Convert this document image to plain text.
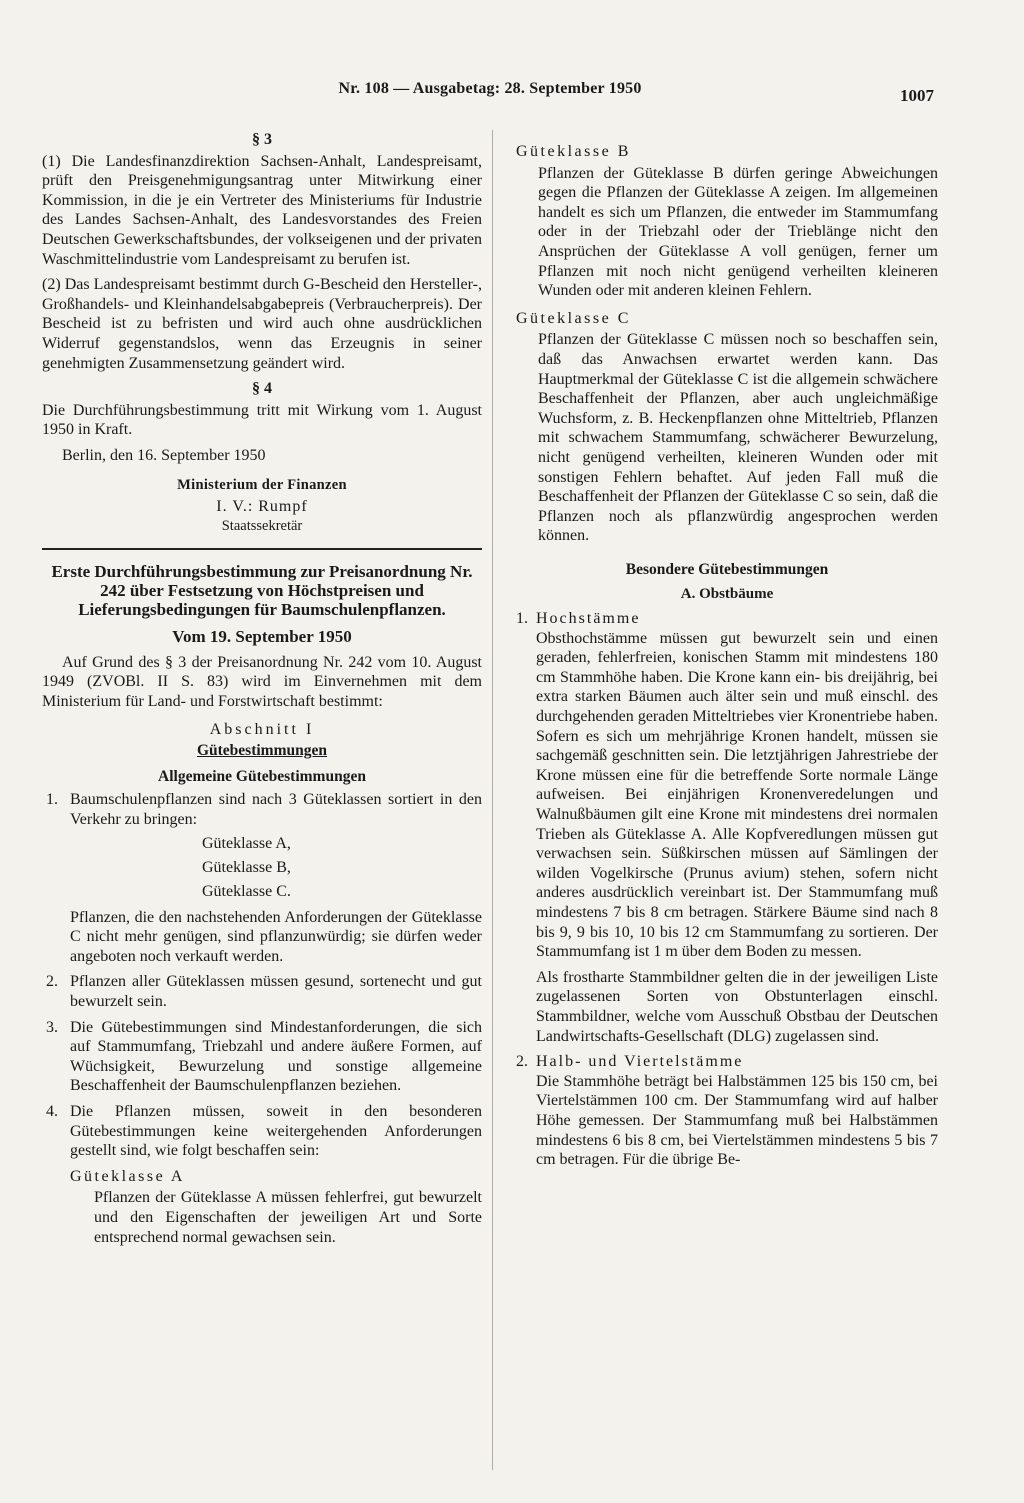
Nr. 108 — Ausgabetag: 28. September 1950	1007
§ 3

(1) Die Landesfinanzdirektion Sachsen-Anhalt, Landespreisamt, prüft den Preisgenehmigungsantrag unter Mitwirkung einer Kommission, in die je ein Vertreter des Ministeriums für Industrie des Landes Sachsen-Anhalt, des Landesvorstandes des Freien Deutschen Gewerkschaftsbundes, der volkseigenen und der privaten Waschmittelindustrie vom Landespreisamt zu berufen ist.

(2) Das Landespreisamt bestimmt durch G-Bescheid den Hersteller-, Großhandels- und Kleinhandelsabgabepreis (Verbraucherpreis). Der Bescheid ist zu befristen und wird auch ohne ausdrücklichen Widerruf gegenstandslos, wenn das Erzeugnis in seiner genehmigten Zusammensetzung geändert wird.

§ 4

Die Durchführungsbestimmung tritt mit Wirkung vom 1. August 1950 in Kraft.

Berlin, den 16. September 1950

Ministerium der Finanzen

I. V.: Rumpf

Staatssekretär

Erste Durchführungsbestimmung zur Preisanordnung Nr. 242 über Festsetzung von Höchstpreisen und Lieferungsbedingungen für Baumschulenpflanzen.
Vom 19. September 1950

Auf Grund des § 3 der Preisanordnung Nr. 242 vom 10. August 1949 (ZVOBl. II S. 83) wird im Einvernehmen mit dem Ministerium für Land- und Forstwirtschaft bestimmt:

Abschnitt I
Gütebestimmungen
Allgemeine Gütebestimmungen
1. Baumschulenpflanzen sind nach 3 Güteklassen sortiert in den Verkehr zu bringen:
Güteklasse A,
Güteklasse B,
Güteklasse C.
Pflanzen, die den nachstehenden Anforderungen der Güteklasse C nicht mehr genügen, sind pflanzunwürdig; sie dürfen weder angeboten noch verkauft werden.
2. Pflanzen aller Güteklassen müssen gesund, sortenecht und gut bewurzelt sein.
3. Die Gütebestimmungen sind Mindestanforderungen, die sich auf Stammumfang, Triebzahl und andere äußere Formen, auf Wüchsigkeit, Bewurzelung und sonstige allgemeine Beschaffenheit der Baumschulenpflanzen beziehen.
4. Die Pflanzen müssen, soweit in den besonderen Gütebestimmungen keine weitergehenden Anforderungen gestellt sind, wie folgt beschaffen sein:
Güteklasse A
Pflanzen der Güteklasse A müssen fehlerfrei, gut bewurzelt und den Eigenschaften der jeweiligen Art und Sorte entsprechend normal gewachsen sein.
Güteklasse B
Pflanzen der Güteklasse B dürfen geringe Abweichungen gegen die Pflanzen der Güteklasse A zeigen. Im allgemeinen handelt es sich um Pflanzen, die entweder im Stammumfang oder in der Triebzahl oder der Trieblänge nicht den Ansprüchen der Güteklasse A voll genügen, ferner um Pflanzen mit noch nicht genügend verheilten kleineren Wunden oder mit anderen kleinen Fehlern.
Güteklasse C
Pflanzen der Güteklasse C müssen noch so beschaffen sein, daß das Anwachsen erwartet werden kann. Das Hauptmerkmal der Güteklasse C ist die allgemein schwächere Beschaffenheit der Pflanzen, aber auch ungleichmäßige Wuchsform, z. B. Heckenpflanzen ohne Mitteltrieb, Pflanzen mit schwachem Stammumfang, schwächerer Bewurzelung, nicht genügend verheilten, kleineren Wunden oder mit sonstigen Fehlern behaftet. Auf jeden Fall muß die Beschaffenheit der Pflanzen der Güteklasse C so sein, daß die Pflanzen noch als pflanzwürdig angesprochen werden können.
Besondere Gütebestimmungen
A. Obstbäume
1. Hochstämme
Obsthochstämme müssen gut bewurzelt sein und einen geraden, fehlerfreien, konischen Stamm mit mindestens 180 cm Stammhöhe haben. Die Krone kann ein- bis dreijährig, bei extra starken Bäumen auch älter sein und muß einschl. des durchgehenden geraden Mitteltriebes vier Kronentriebe haben. Sofern es sich um mehrjährige Kronen handelt, müssen sie sachgemäß geschnitten sein. Die letztjährigen Jahrestriebe der Krone müssen eine für die betreffende Sorte normale Länge aufweisen. Bei einjährigen Kronenveredelungen und Walnußbäumen gilt eine Krone mit mindestens drei normalen Trieben als Güteklasse A. Alle Kopfveredlungen müssen gut verwachsen sein. Süßkirschen müssen auf Sämlingen der wilden Vogelkirsche (Prunus avium) stehen, sofern nicht anderes ausdrücklich vereinbart ist. Der Stammumfang muß mindestens 7 bis 8 cm betragen. Stärkere Bäume sind nach 8 bis 9, 9 bis 10, 10 bis 12 cm Stammumfang zu sortieren. Der Stammumfang ist 1 m über dem Boden zu messen.
Als frostharte Stammbildner gelten die in der jeweiligen Liste zugelassenen Sorten von Obstunterlagen einschl. Stammbildner, welche vom Ausschuß Obstbau der Deutschen Landwirtschafts-Gesellschaft (DLG) zugelassen sind.
2. Halb- und Viertelstämme
Die Stammhöhe beträgt bei Halbstämmen 125 bis 150 cm, bei Viertelstämmen 100 cm. Der Stammumfang wird auf halber Höhe gemessen. Der Stammumfang muß bei Halbstämmen mindestens 6 bis 8 cm, bei Viertelstämmen mindestens 5 bis 7 cm betragen. Für die übrige Be-
